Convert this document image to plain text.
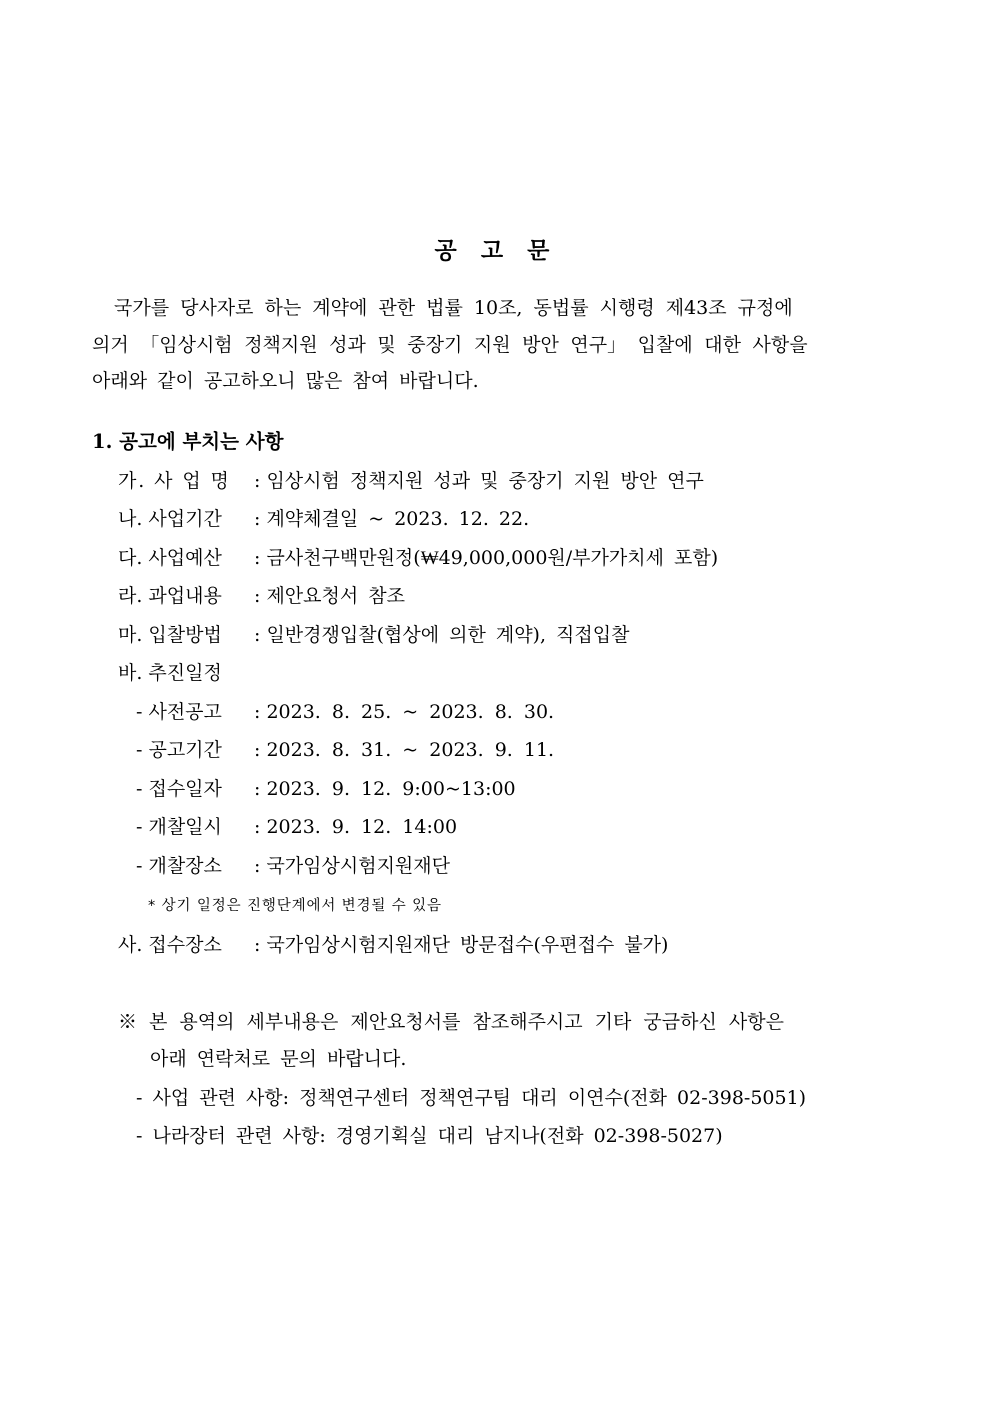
공 고 문
국가를 당사자로 하는 계약에 관한 법률 10조, 동법률 시행령 제43조 규정에
의거 「임상시험 정책지원 성과 및 중장기 지원 방안 연구」 입찰에 대한 사항을
아래와 같이 공고하오니 많은 참여 바랍니다.
1. 공고에 부치는 사항
가. 사 업 명 : 임상시험 정책지원 성과 및 중장기 지원 방안 연구
나. 사업기간 : 계약체결일 ~ 2023. 12. 22.
다. 사업예산 : 금사천구백만원정(₩49,000,000원/부가가치세 포함)
라. 과업내용 : 제안요청서 참조
마. 입찰방법 : 일반경쟁입찰(협상에 의한 계약), 직접입찰
바. 추진일정
- 사전공고 : 2023. 8. 25. ~ 2023. 8. 30.
- 공고기간 : 2023. 8. 31. ~ 2023. 9. 11.
- 접수일자 : 2023. 9. 12. 9:00~13:00
- 개찰일시 : 2023. 9. 12. 14:00
- 개찰장소 : 국가임상시험지원재단
* 상기 일정은 진행단계에서 변경될 수 있음
사. 접수장소 : 국가임상시험지원재단 방문접수(우편접수 불가)
※ 본 용역의 세부내용은 제안요청서를 참조해주시고 기타 궁금하신 사항은
아래 연락처로 문의 바랍니다.
- 사업 관련 사항: 정책연구센터 정책연구팀 대리 이연수(전화 02-398-5051)
- 나라장터 관련 사항: 경영기획실 대리 남지나(전화 02-398-5027)
